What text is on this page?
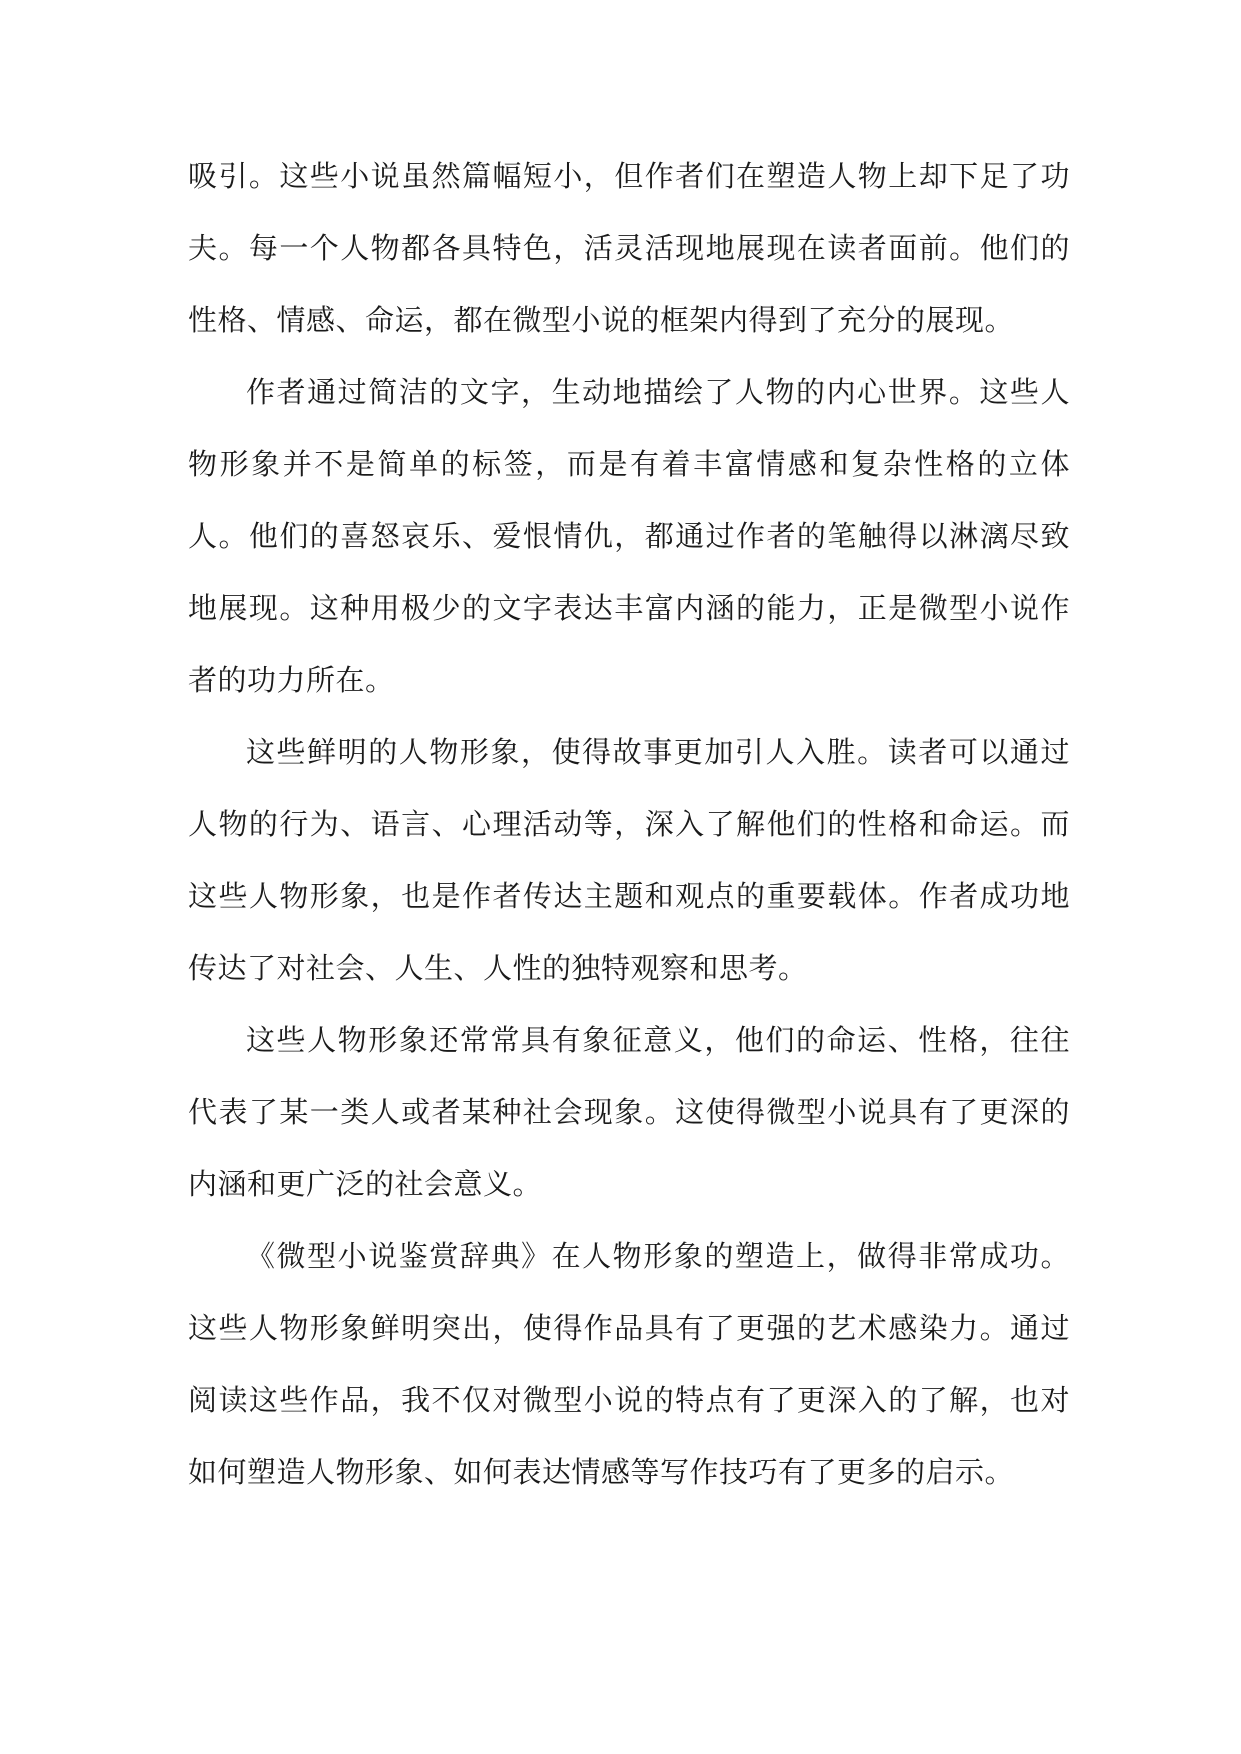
吸引。这些小说虽然篇幅短小，但作者们在塑造人物上却下足了功夫。每一个人物都各具特色，活灵活现地展现在读者面前。他们的性格、情感、命运，都在微型小说的框架内得到了充分的展现。

作者通过简洁的文字，生动地描绘了人物的内心世界。这些人物形象并不是简单的标签，而是有着丰富情感和复杂性格的立体人。他们的喜怒哀乐、爱恨情仇，都通过作者的笔触得以淋漓尽致地展现。这种用极少的文字表达丰富内涵的能力，正是微型小说作者的功力所在。

这些鲜明的人物形象，使得故事更加引人入胜。读者可以通过人物的行为、语言、心理活动等，深入了解他们的性格和命运。而这些人物形象，也是作者传达主题和观点的重要载体。作者成功地传达了对社会、人生、人性的独特观察和思考。

这些人物形象还常常具有象征意义，他们的命运、性格，往往代表了某一类人或者某种社会现象。这使得微型小说具有了更深的内涵和更广泛的社会意义。

《微型小说鉴赏辞典》在人物形象的塑造上，做得非常成功。这些人物形象鲜明突出，使得作品具有了更强的艺术感染力。通过阅读这些作品，我不仅对微型小说的特点有了更深入的了解，也对如何塑造人物形象、如何表达情感等写作技巧有了更多的启示。
